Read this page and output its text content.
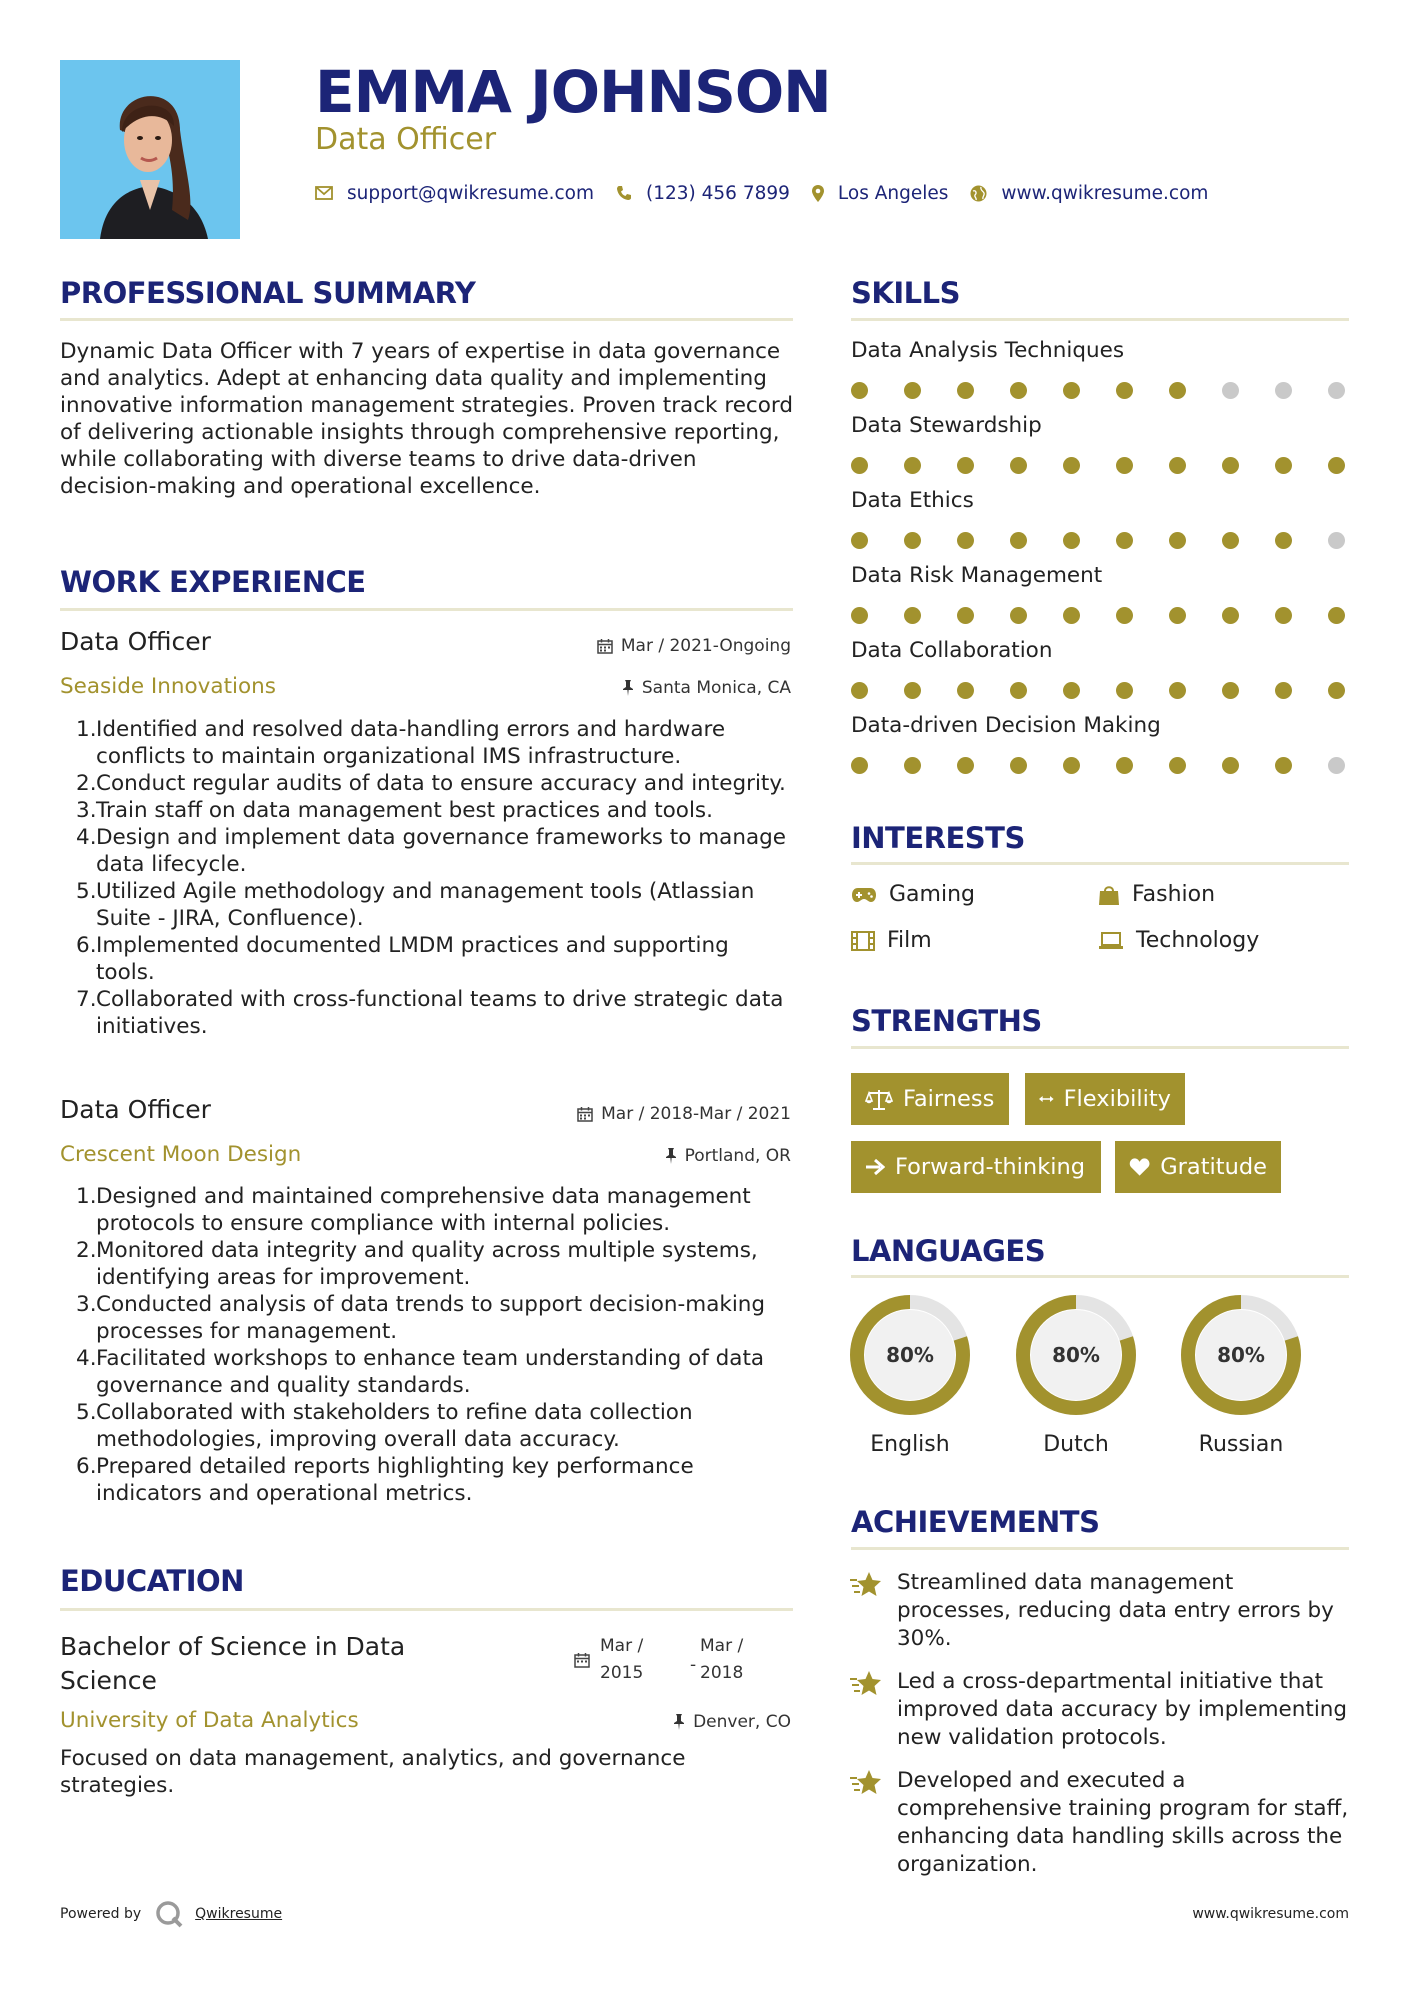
EMMA JOHNSON
Data Officer
support@qwikresume.com	(123) 456 7899	Los Angeles	www.qwikresume.com
PROFESSIONAL SUMMARY
Dynamic Data Officer with 7 years of expertise in data governance and analytics. Adept at enhancing data quality and implementing innovative information management strategies. Proven track record of delivering actionable insights through comprehensive reporting, while collaborating with diverse teams to drive data-driven decision-making and operational excellence.
WORK EXPERIENCE
Data Officer	Mar / 2021-Ongoing
Seaside Innovations	Santa Monica, CA
Identified and resolved data-handling errors and hardware conflicts to maintain organizational IMS infrastructure.
Conduct regular audits of data to ensure accuracy and integrity.
Train staff on data management best practices and tools.
Design and implement data governance frameworks to manage data lifecycle.
Utilized Agile methodology and management tools (Atlassian Suite - JIRA, Confluence).
Implemented documented LMDM practices and supporting tools.
Collaborated with cross-functional teams to drive strategic data initiatives.
Data Officer	Mar / 2018-Mar / 2021
Crescent Moon Design	Portland, OR
Designed and maintained comprehensive data management protocols to ensure compliance with internal policies.
Monitored data integrity and quality across multiple systems, identifying areas for improvement.
Conducted analysis of data trends to support decision-making processes for management.
Facilitated workshops to enhance team understanding of data governance and quality standards.
Collaborated with stakeholders to refine data collection methodologies, improving overall data accuracy.
Prepared detailed reports highlighting key performance indicators and operational metrics.
EDUCATION
Bachelor of Science in Data Science
Mar / 2015	-
Mar / 2018
University of Data Analytics	Denver, CO
Focused on data management, analytics, and governance strategies.
SKILLS
Data Analysis Techniques
Data Stewardship
Data Ethics
Data Risk Management
Data Collaboration
Data-driven Decision Making
INTERESTS
Gaming	Fashion
Film	Technology
STRENGTHS
Fairness	Flexibility
Forward-thinking	Gratitude
LANGUAGES
80%
English
80%
Dutch
80%
Russian
ACHIEVEMENTS
Streamlined data management processes, reducing data entry errors by 30%.
Led a cross-departmental initiative that improved data accuracy by implementing new validation protocols.
Developed and executed a comprehensive training program for staff, enhancing data handling skills across the organization.
Powered by	Qwikresume	www.qwikresume.com
